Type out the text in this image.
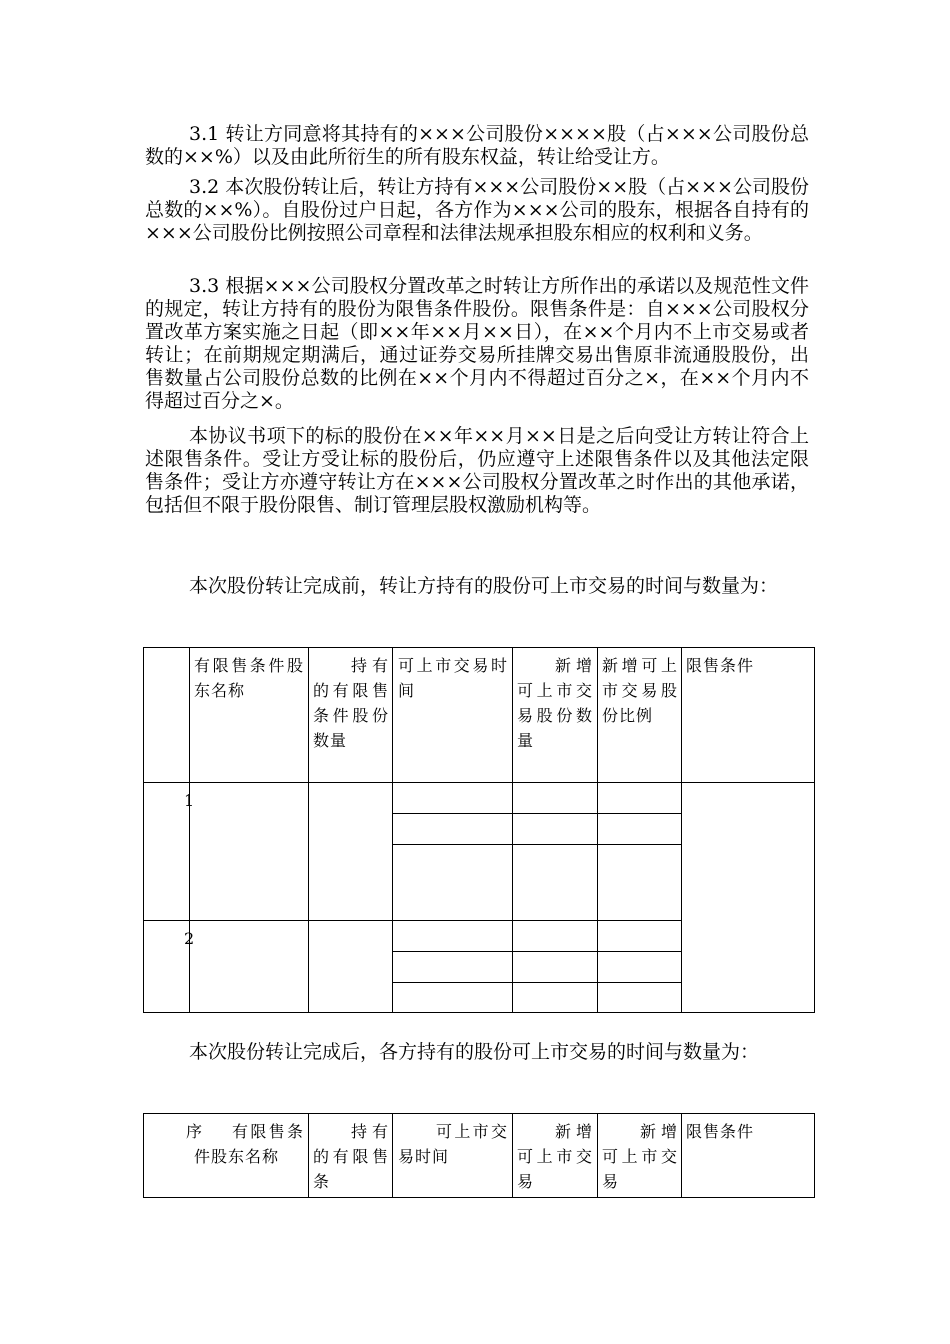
3.1 转让方同意将其持有的×××公司股份××××股（占×××公司股份总数的××%）以及由此所衍生的所有股东权益，转让给受让方。

3.2 本次股份转让后，转让方持有×××公司股份××股（占×××公司股份总数的××%）。自股份过户日起，各方作为×××公司的股东，根据各自持有的×××公司股份比例按照公司章程和法律法规承担股东相应的权利和义务。

3.3 根据×××公司股权分置改革之时转让方所作出的承诺以及规范性文件的规定，转让方持有的股份为限售条件股份。限售条件是：自×××公司股权分置改革方案实施之日起（即××年××月××日），在××个月内不上市交易或者转让；在前期规定期满后，通过证券交易所挂牌交易出售原非流通股股份，出售数量占公司股份总数的比例在××个月内不得超过百分之×，在××个月内不得超过百分之×。

本协议书项下的标的股份在××年××月××日是之后向受让方转让符合上述限售条件。受让方受让标的股份后，仍应遵守上述限售条件以及其他法定限售条件；受让方亦遵守转让方在×××公司股权分置改革之时作出的其他承诺，包括但不限于股份限售、制订管理层股权激励机构等。

本次股份转让完成前，转让方持有的股份可上市交易的时间与数量为：

有限售条件股东名称
持有的有限售条件股份数量
可上市交易时间
新增可上市交易股份数量
新增可上市交易股份比例
限售条件
1
2

本次股份转让完成后，各方持有的股份可上市交易的时间与数量为：

序	有限售条件股东名称
持有的有限售条
可上市交易时间
新增可上市交易
新增可上市交易
限售条件
